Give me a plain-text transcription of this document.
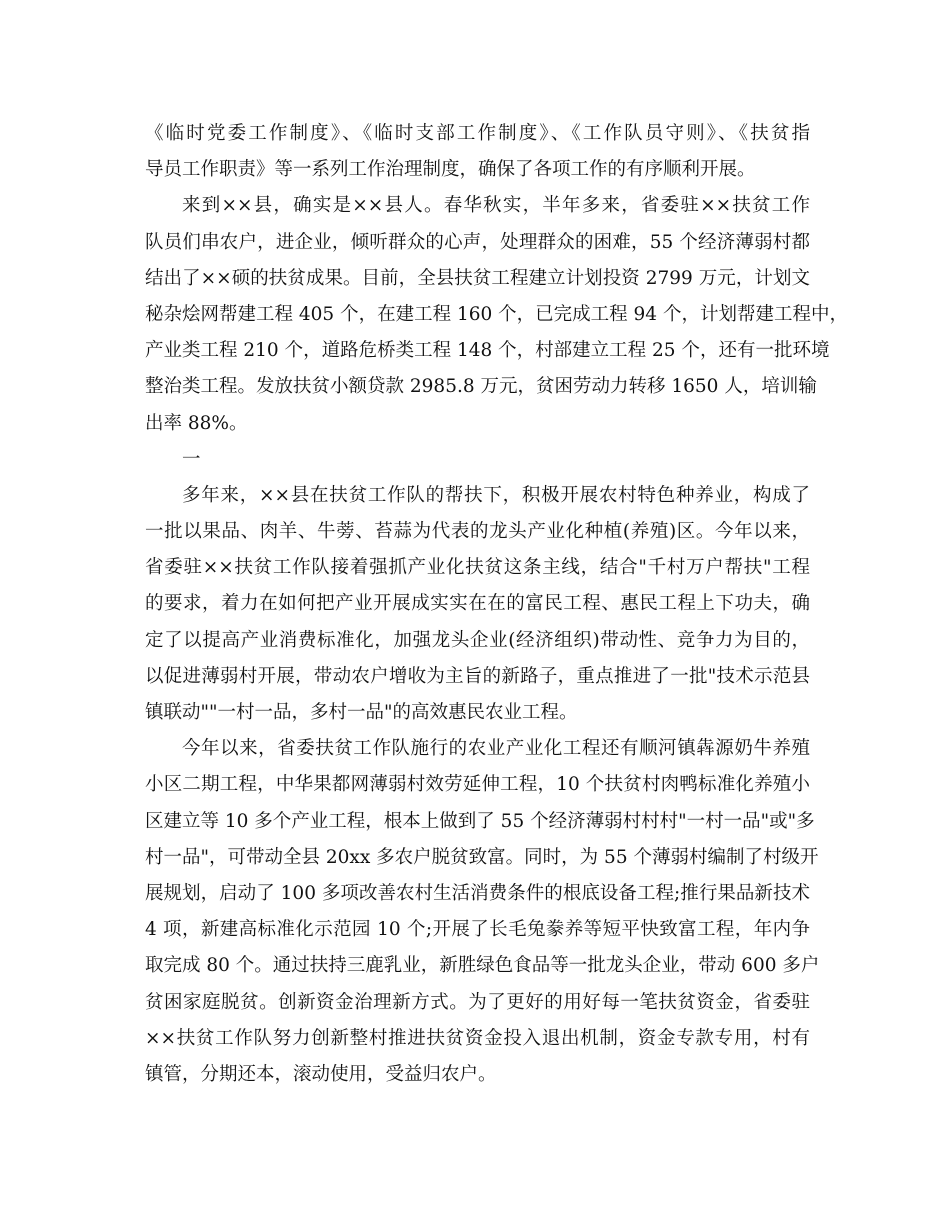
《临时党委工作制度》、《临时支部工作制度》、《工作队员守则》、《扶贫指
导员工作职责》等一系列工作治理制度，确保了各项工作的有序顺利开展。
来到××县，确实是××县人。春华秋实，半年多来，省委驻××扶贫工作
队员们串农户，进企业，倾听群众的心声，处理群众的困难，55 个经济薄弱村都
结出了××硕的扶贫成果。目前，全县扶贫工程建立计划投资 2799 万元，计划文
秘杂烩网帮建工程 405 个，在建工程 160 个，已完成工程 94 个，计划帮建工程中，
产业类工程 210 个，道路危桥类工程 148 个，村部建立工程 25 个，还有一批环境
整治类工程。发放扶贫小额贷款 2985.8 万元，贫困劳动力转移 1650 人，培训输
出率 88%。
一
多年来，××县在扶贫工作队的帮扶下，积极开展农村特色种养业，构成了
一批以果品、肉羊、牛蒡、苔蒜为代表的龙头产业化种植(养殖)区。今年以来，
省委驻××扶贫工作队接着强抓产业化扶贫这条主线，结合"千村万户帮扶"工程
的要求，着力在如何把产业开展成实实在在的富民工程、惠民工程上下功夫，确
定了以提高产业消费标准化，加强龙头企业(经济组织)带动性、竞争力为目的，
以促进薄弱村开展，带动农户增收为主旨的新路子，重点推进了一批"技术示范县
镇联动""一村一品，多村一品"的高效惠民农业工程。
今年以来，省委扶贫工作队施行的农业产业化工程还有顺河镇犇源奶牛养殖
小区二期工程，中华果都网薄弱村效劳延伸工程，10 个扶贫村肉鸭标准化养殖小
区建立等 10 多个产业工程，根本上做到了 55 个经济薄弱村村村"一村一品"或"多
村一品"，可带动全县 20xx 多农户脱贫致富。同时，为 55 个薄弱村编制了村级开
展规划，启动了 100 多项改善农村生活消费条件的根底设备工程;推行果品新技术
4 项，新建高标准化示范园 10 个;开展了长毛兔豢养等短平快致富工程，年内争
取完成 80 个。通过扶持三鹿乳业，新胜绿色食品等一批龙头企业，带动 600 多户
贫困家庭脱贫。创新资金治理新方式。为了更好的用好每一笔扶贫资金，省委驻
××扶贫工作队努力创新整村推进扶贫资金投入退出机制，资金专款专用，村有
镇管，分期还本，滚动使用，受益归农户。
